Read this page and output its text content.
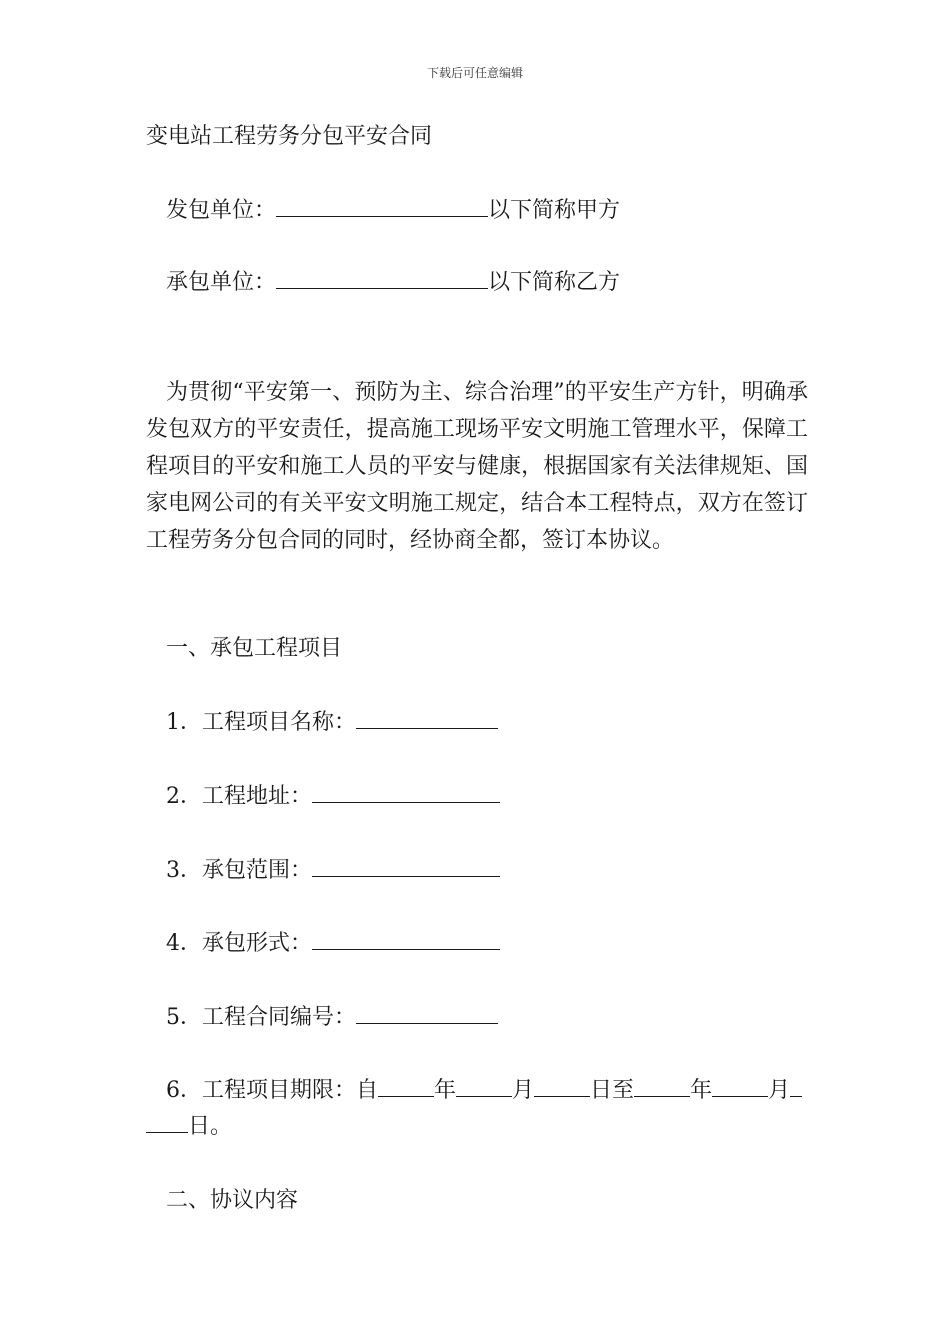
下载后可任意编辑
变电站工程劳务分包平安合同
发包单位：	以下简称甲方
承包单位：	以下简称乙方
为贯彻“平安第一、预防为主、综合治理”的平安生产方针，明确承发包双方的平安责任，提高施工现场平安文明施工管理水平，保障工程项目的平安和施工人员的平安与健康，根据国家有关法律规矩、国家电网公司的有关平安文明施工规定，结合本工程特点，双方在签订工程劳务分包合同的同时，经协商全都，签订本协议。
一、承包工程项目
1．工程项目名称：
2．工程地址：
3．承包范围：
4．承包形式：
5．工程合同编号：
6．工程项目期限：自	年	月	日至	年	月
日。
二、协议内容
